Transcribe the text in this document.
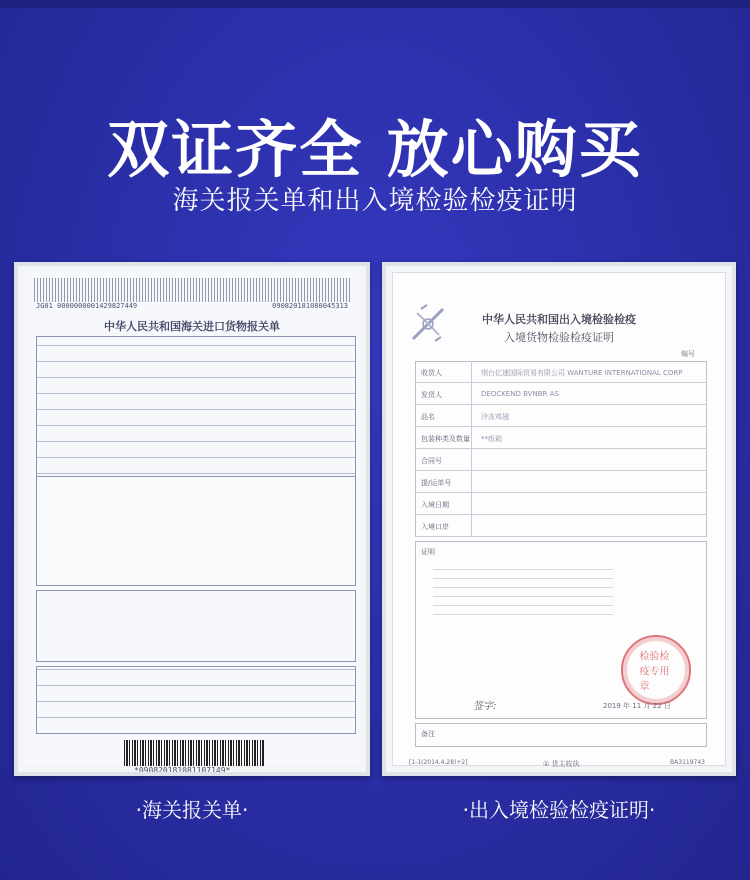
双证齐全 放心购买
海关报关单和出入境检验检疫证明
JG01 0000000001429827449	090820181080045313
中华人民共和国海关进口货物报关单
*090820181081107149*
中华人民共和国出入境检验检疫
入境货物检验检疫证明
编号
收货人	烟台亿速国际贸易有限公司 WANTURE INTERNATIONAL CORP
发货人	DEOCKEND BVNBR AS
品名	冷冻鸡翅
包装种类及数量 **纸箱
合同号
提/运单号
入境日期
入境口岸
证明
检验检疫专用章
签字:	2019 年 11 月 22 日
备注
[1-1(2014.4.28)+2]	① 货主收执	BA3119743
·海关报关单·	·出入境检验检疫证明·
